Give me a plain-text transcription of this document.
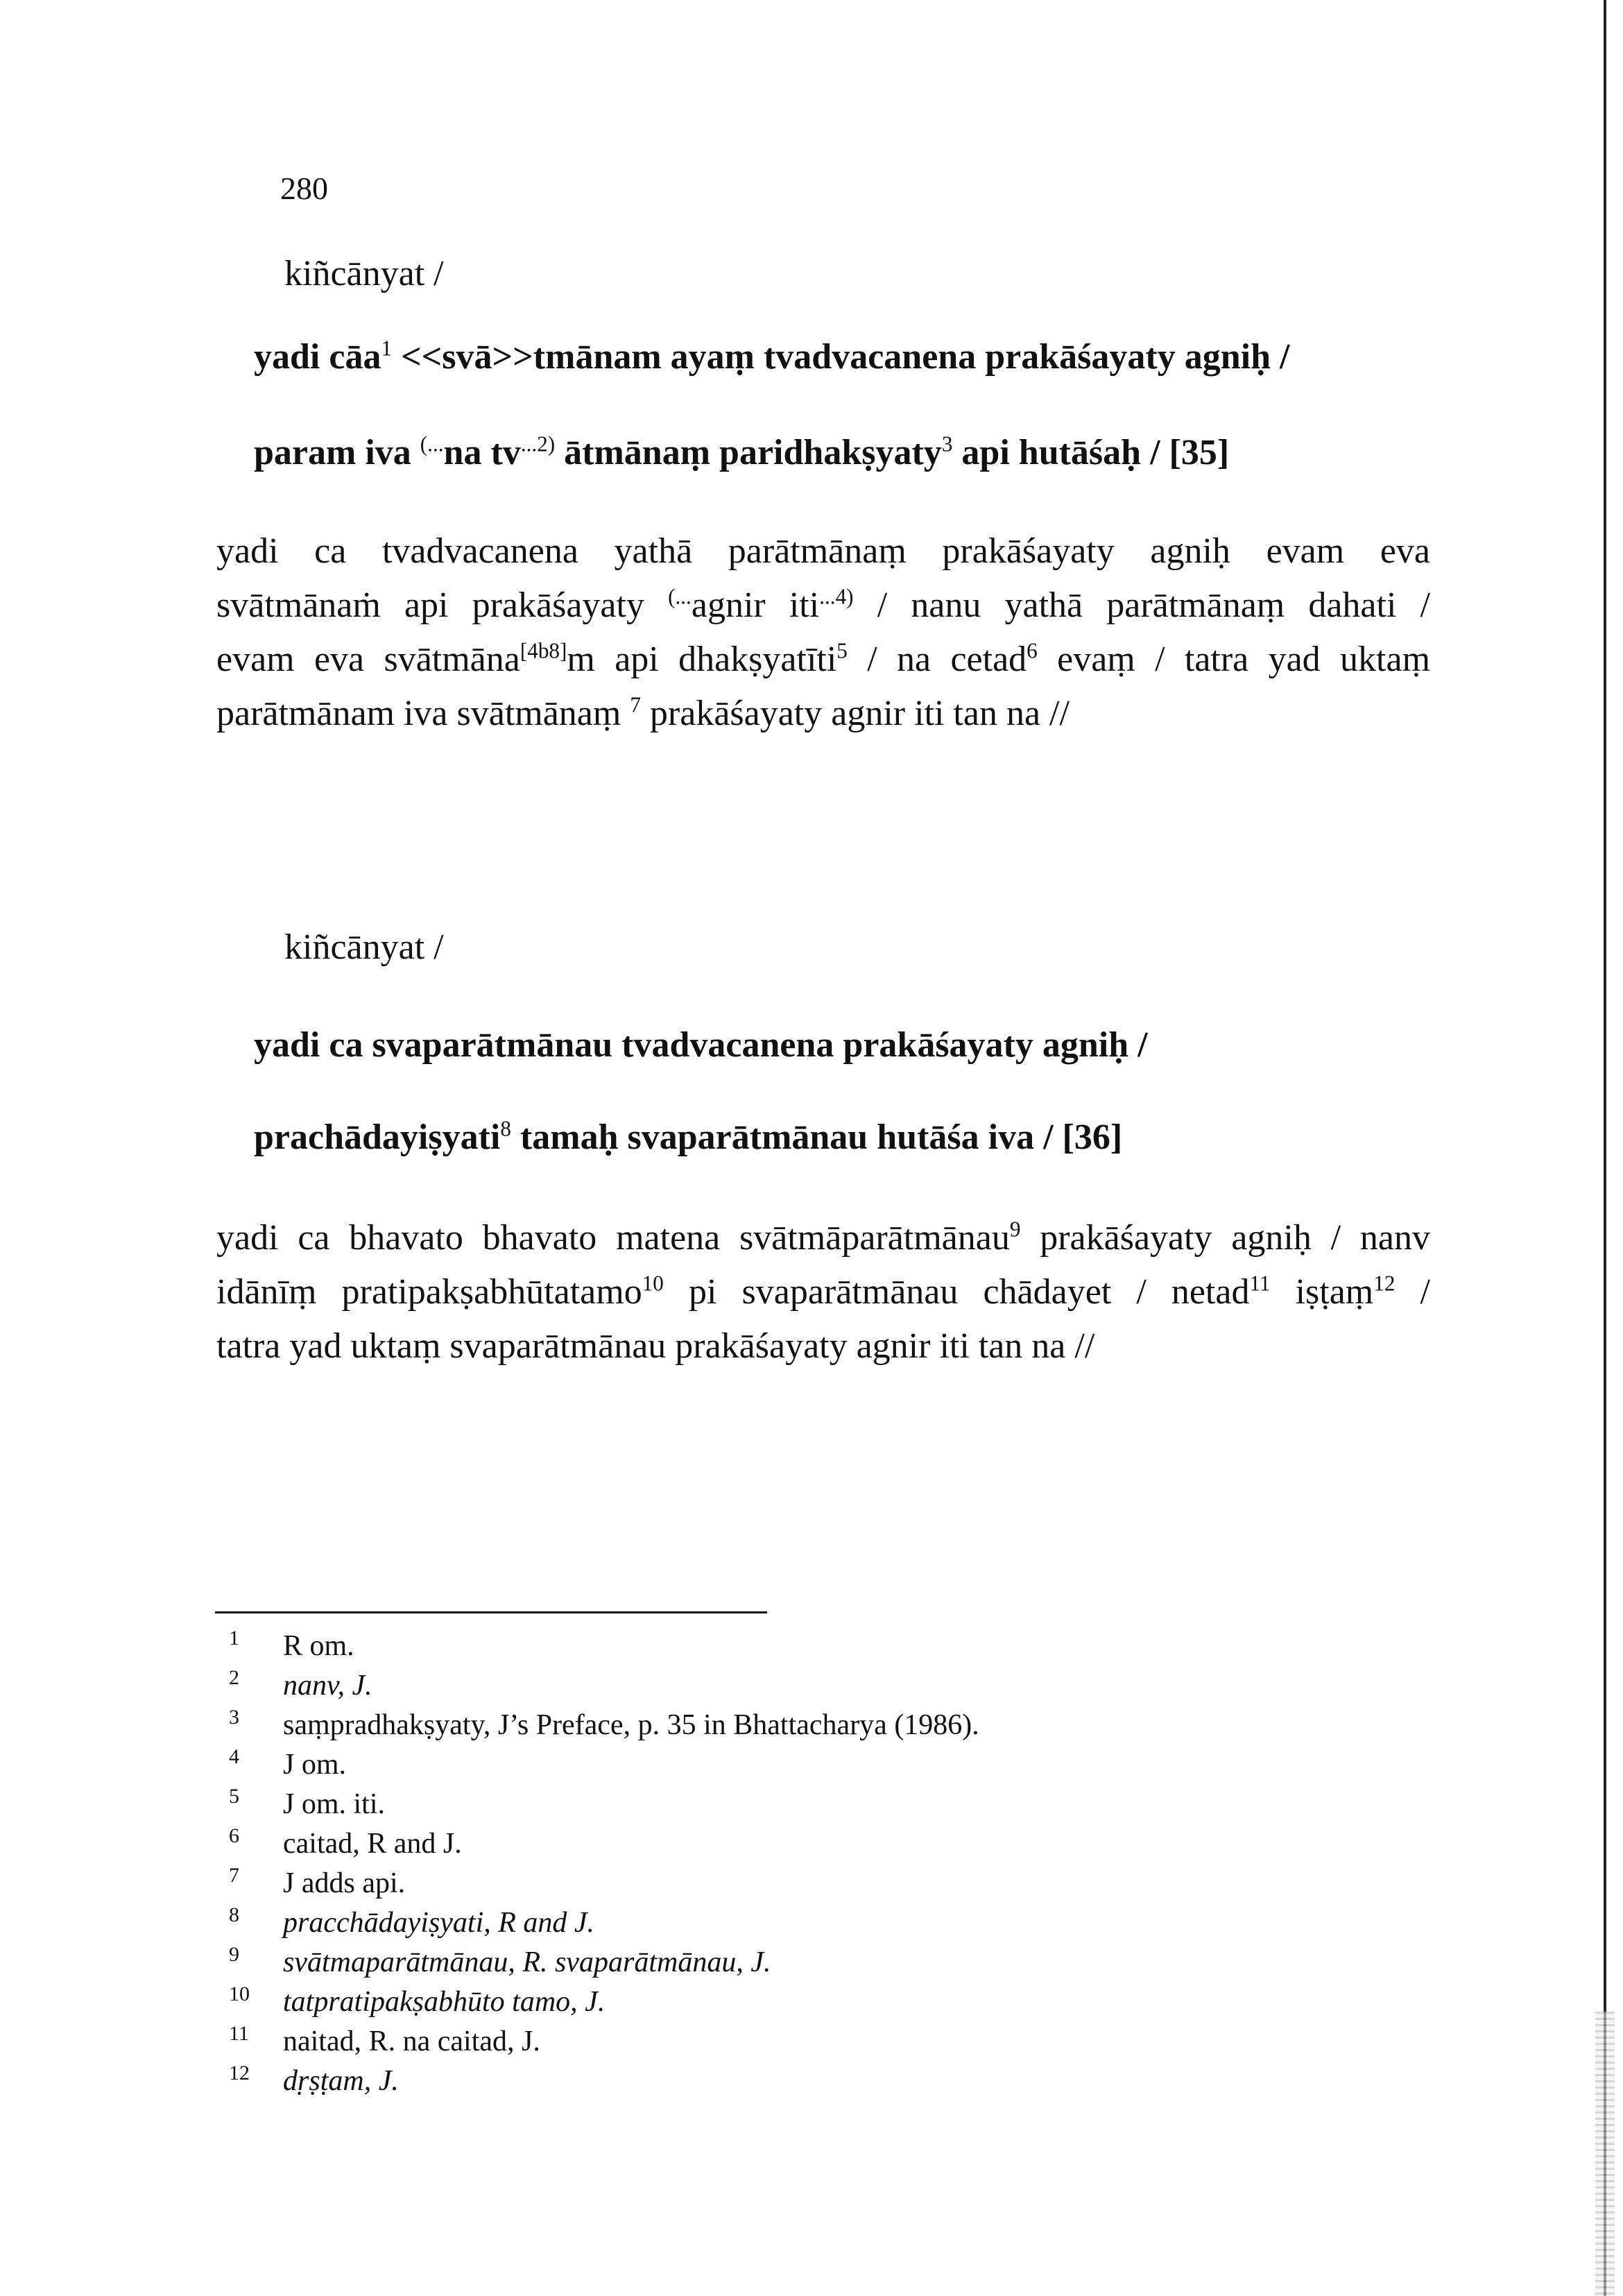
280
kiñcānyat /
yadi cāa$^1$ <<svā>>tmānam ayaṃ tvadvacanena prakāśayaty agniḥ /
param iva (...na $tv^{...2)}$ ātmānaṃ paridhakṣyaty$^3$ api hutāśaḥ / [35]
yadi ca tvadvacanena yathā parātmānaṃ prakāśayaty agniḥ evam eva
svātmānaṁ api prakāśayaty (...agnir iti$^{...4)}$ / nanu yathā parātmānaṃ dahati /
evam eva svātmāna[4b8]m api dhakṣyatīti$^5$ / na cetad$^6$ evaṃ / tatra yad uktaṃ
parātmānam iva svātmānaṃ $^7$ prakāśayaty agnir iti tan na //
kiñcānyat /
yadi ca svaparātmānau tvadvacanena prakāśayaty agniḥ /
prachādayiṣyati$^8$ tamaḥ svaparātmānau hutāśa iva / [36]
yadi ca bhavato bhavato matena svātmāparātmānau$^9$ prakāśayaty agniḥ / nanv
idānīṃ pratipakṣabhūtatamo$^{10}$ pi svaparātmānau chādayet / netad$^{11}$ iṣṭaṃ$^{12}$ /
tatra yad uktaṃ svaparātmānau prakāśayaty agnir iti tan na //
1	R om.
2	nanv, J.
3	saṃpradhakṣyaty, J’s Preface, p. 35 in Bhattacharya (1986).
4	J om.
5	J om. iti.
6	caitad, R and J.
7	J adds api.
8	pracchādayiṣyati, R and J.
9	svātmaparātmānau, R. svaparātmānau, J.
10	tatpratipakṣabhūto tamo, J.
11	naitad, R. na caitad, J.
12	dṛṣṭam, J.
